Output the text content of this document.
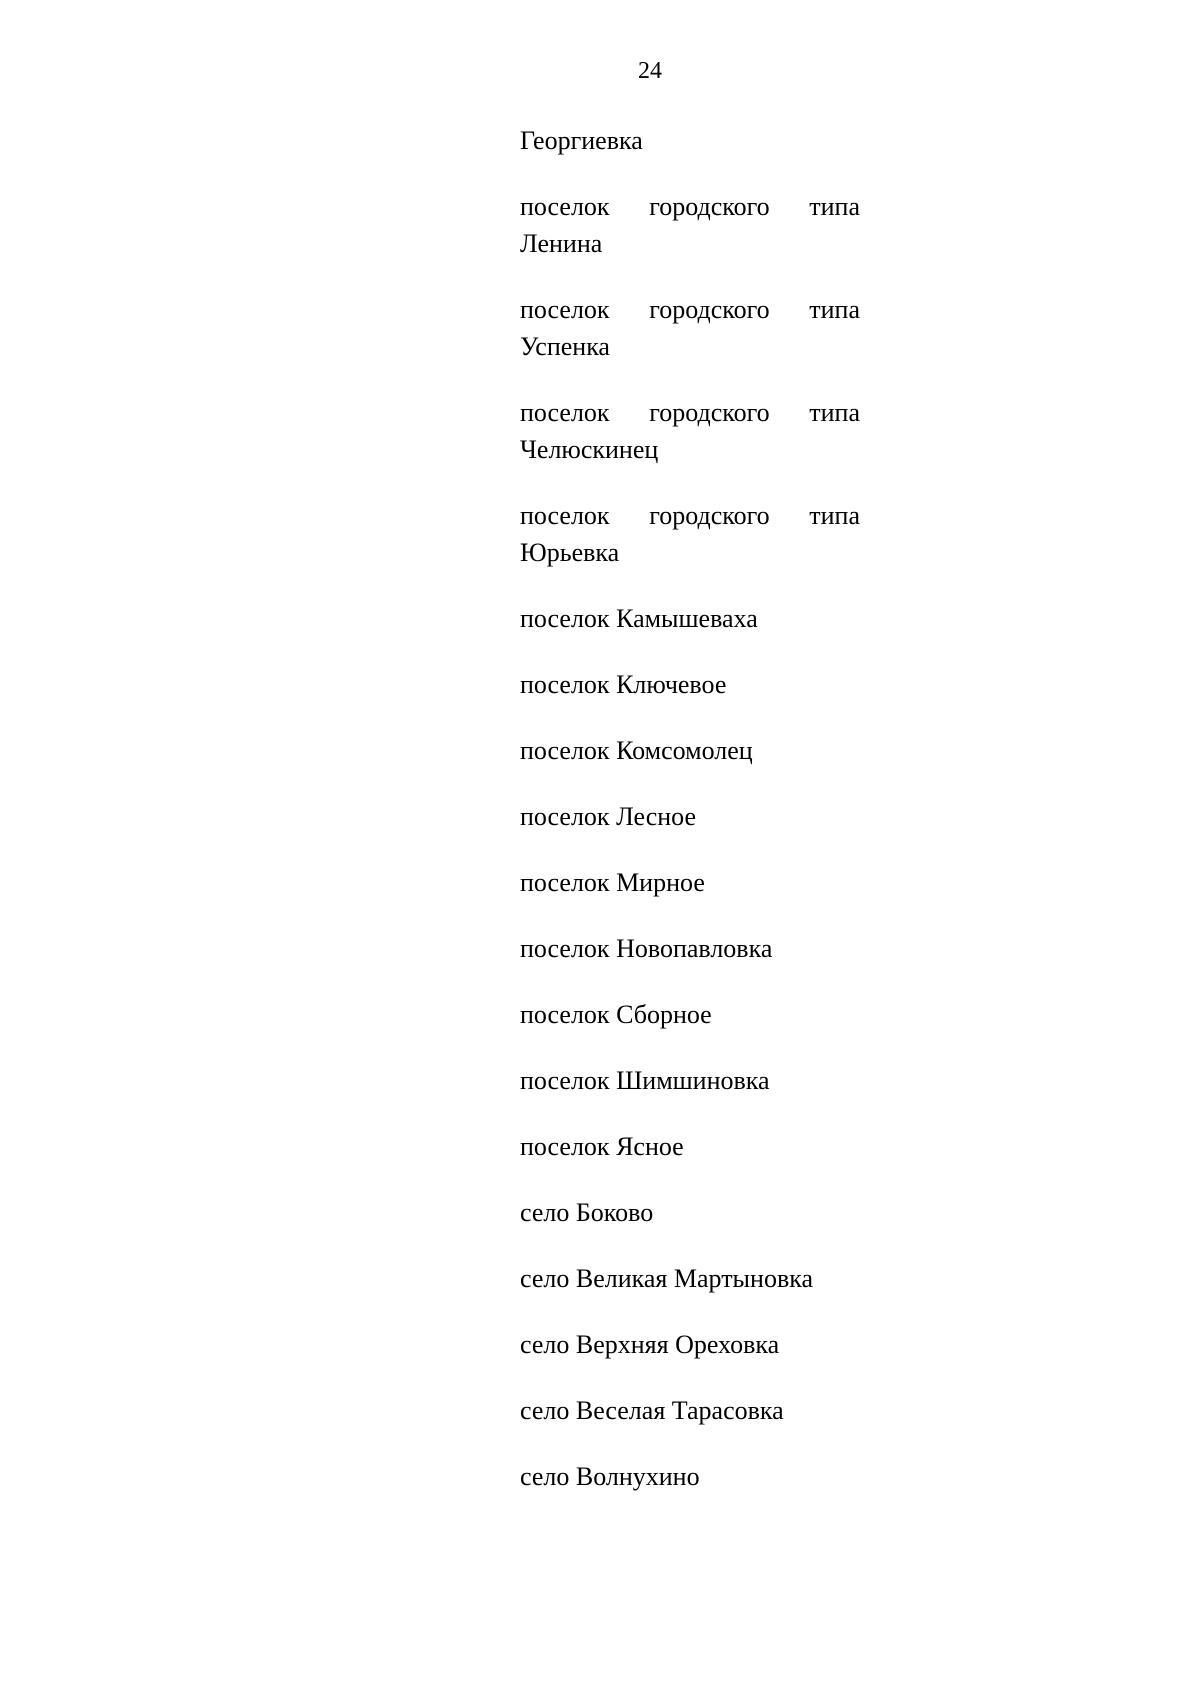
24
Георгиевка
поселок городского типа
Ленина
поселок городского типа
Успенка
поселок городского типа
Челюскинец
поселок городского типа
Юрьевка
поселок Камышеваха
поселок Ключевое
поселок Комсомолец
поселок Лесное
поселок Мирное
поселок Новопавловка
поселок Сборное
поселок Шимшиновка
поселок Ясное
село Боково
село Великая Мартыновка
село Верхняя Ореховка
село Веселая Тарасовка
село Волнухино
